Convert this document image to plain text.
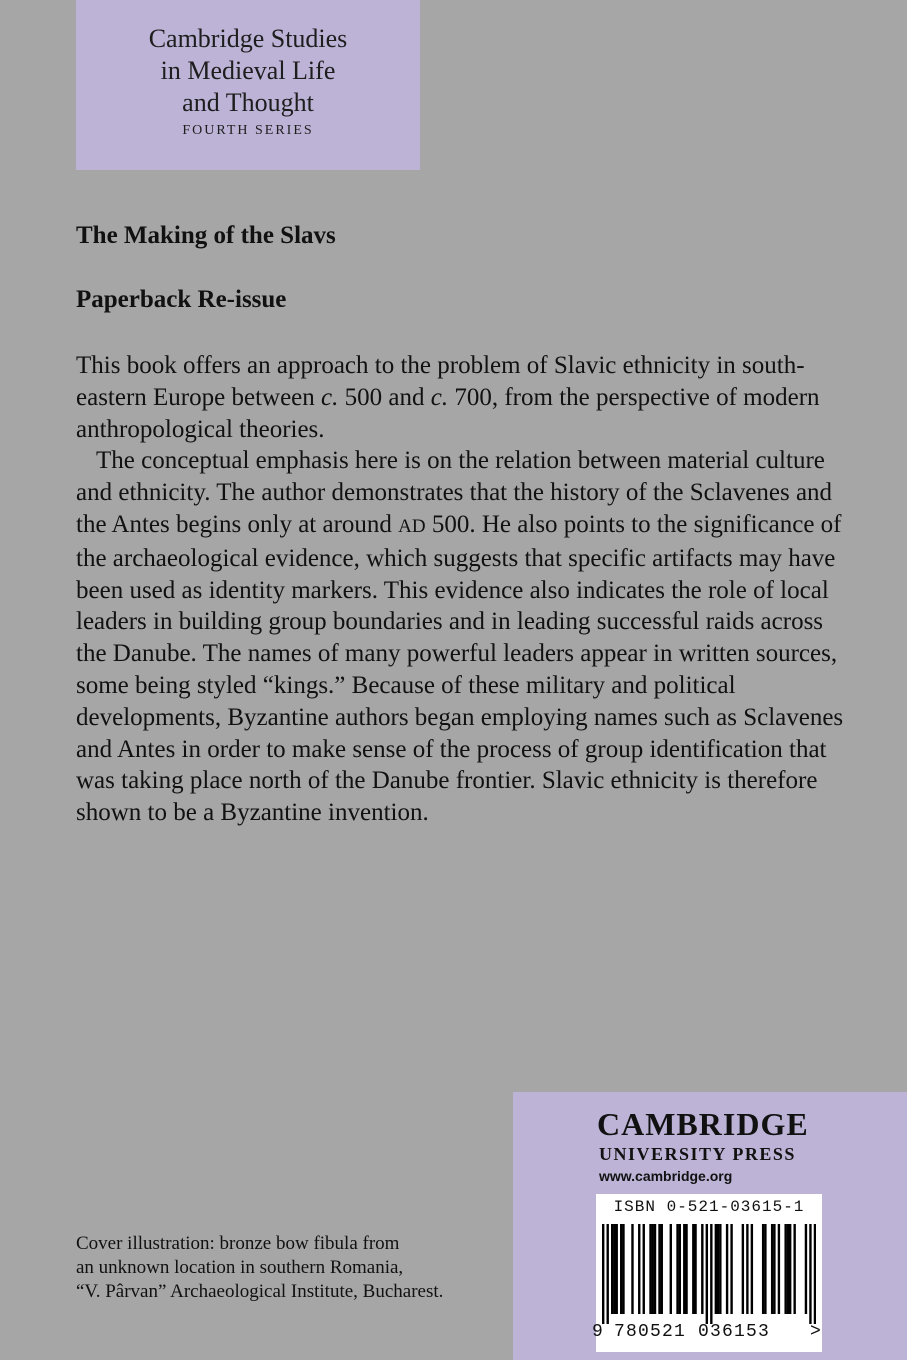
Cambridge Studies
in Medieval Life
and Thought
FOURTH SERIES
The Making of the Slavs
Paperback Re-issue

This book offers an approach to the problem of Slavic ethnicity in south-eastern Europe between c. 500 and c. 700, from the perspective of modern anthropological theories.

The conceptual emphasis here is on the relation between material culture and ethnicity. The author demonstrates that the history of the Sclavenes and the Antes begins only at around AD 500. He also points to the significance of the archaeological evidence, which suggests that specific artifacts may have been used as identity markers. This evidence also indicates the role of local leaders in building group boundaries and in leading successful raids across the Danube. The names of many powerful leaders appear in written sources, some being styled “kings.” Because of these military and political developments, Byzantine authors began employing names such as Sclavenes and Antes in order to make sense of the process of group identification that was taking place north of the Danube frontier. Slavic ethnicity is therefore shown to be a Byzantine invention.

Cover illustration: bronze bow fibula from
an unknown location in southern Romania,
“V. Pârvan” Archaeological Institute, Bucharest.
CAMBRIDGE
UNIVERSITY PRESS
www.cambridge.org
ISBN 0-521-03615-1
9 780521 036153 >
